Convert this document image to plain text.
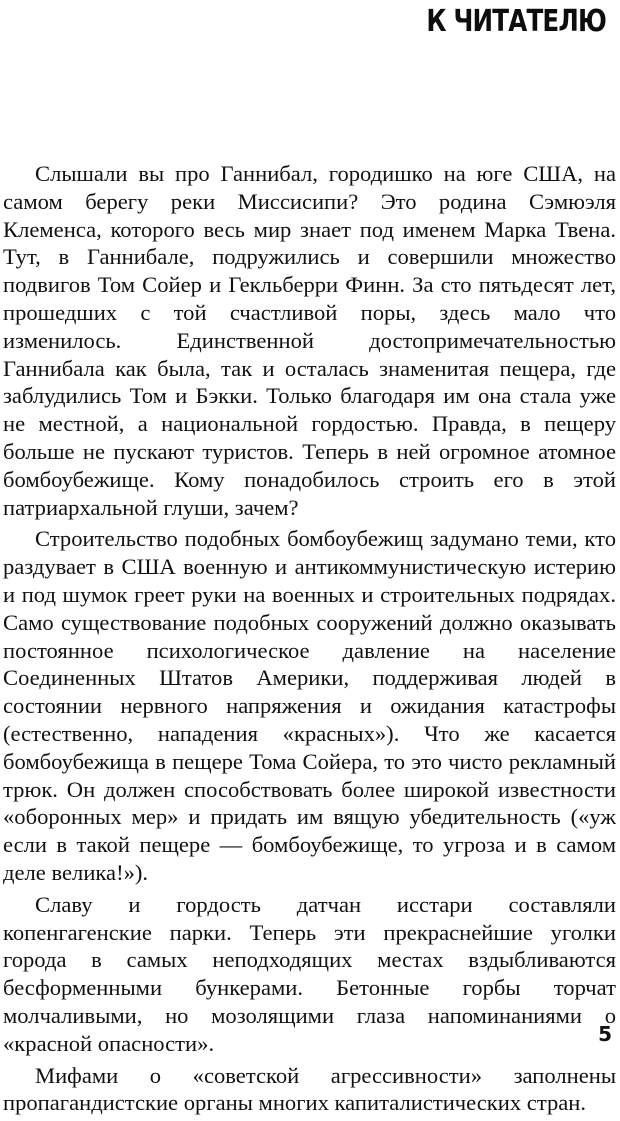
К ЧИТАТЕЛЮ

Слышали вы про Ганнибал, городишко на юге США, на самом берегу реки Миссисипи? Это родина Сэмюэля Клеменса, которого весь мир знает под именем Марка Твена. Тут, в Ганнибале, подружились и совершили множество подвигов Том Сойер и Гекльберри Финн. За сто пятьдесят лет, прошедших с той счастливой поры, здесь мало что изменилось. Единственной достопримечательностью Ганнибала как была, так и осталась знаменитая пещера, где заблудились Том и Бэкки. Только благодаря им она стала уже не местной, а национальной гордостью. Правда, в пещеру больше не пускают туристов. Теперь в ней огромное атомное бомбоубежище. Кому понадобилось строить его в этой патриархальной глуши, зачем?

Строительство подобных бомбоубежищ задумано теми, кто раздувает в США военную и антикоммунистическую истерию и под шумок греет руки на военных и строительных подрядах. Само существование подобных сооружений должно оказывать постоянное психологическое давление на население Соединенных Штатов Америки, поддерживая людей в состоянии нервного напряжения и ожидания катастрофы (естественно, нападения «красных»). Что же касается бомбоубежища в пещере Тома Сойера, то это чисто рекламный трюк. Он должен способствовать более широкой известности «оборонных мер» и придать им вящую убедительность («уж если в такой пещере — бомбоубежище, то угроза и в самом деле велика!»).

Славу и гордость датчан исстари составляли копенгагенские парки. Теперь эти прекраснейшие уголки города в самых неподходящих местах вздыбливаются бесформенными бункерами. Бетонные горбы торчат молчаливыми, но мозолящими глаза напоминаниями о «красной опасности».

Мифами о «советской агрессивности» заполнены пропагандистские органы многих капиталистических стран.

5
